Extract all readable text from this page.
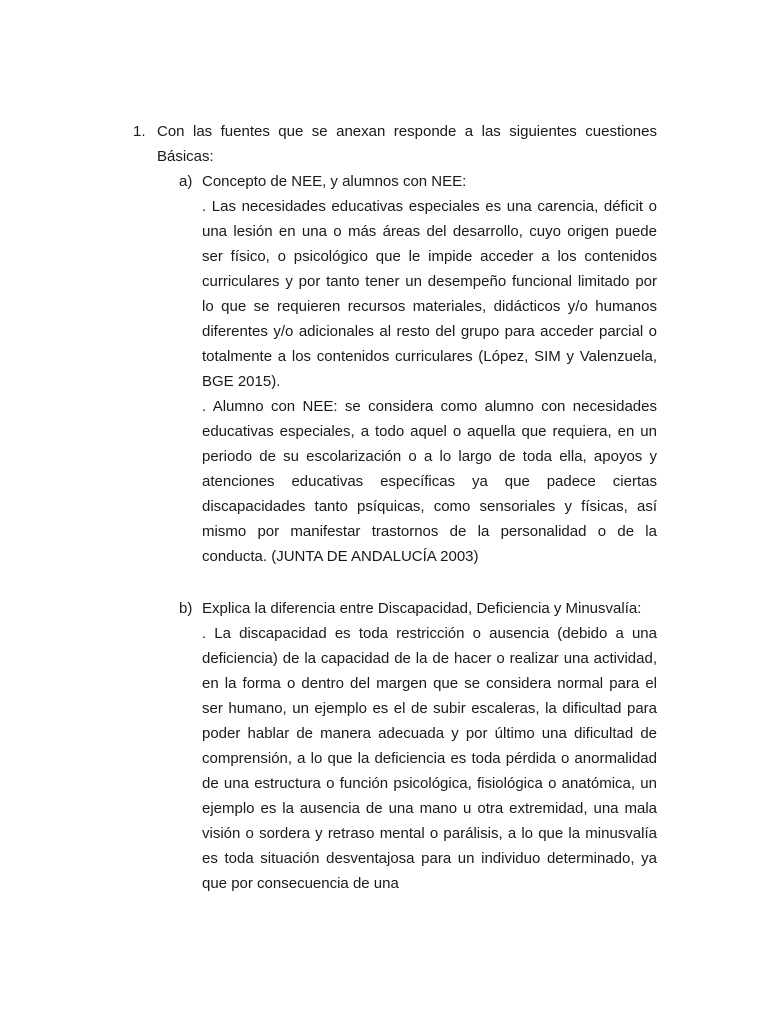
1. Con las fuentes que se anexan responde a las siguientes cuestiones Básicas:
a) Concepto de NEE, y alumnos con NEE:

. Las necesidades educativas especiales es una carencia, déficit o una lesión en una o más áreas del desarrollo, cuyo origen puede ser físico, o psicológico que le impide acceder a los contenidos curriculares y por tanto tener un desempeño funcional limitado por lo que se requieren recursos materiales, didácticos y/o humanos diferentes y/o adicionales al resto del grupo para acceder parcial o totalmente a los contenidos curriculares (López, SIM y Valenzuela, BGE 2015).

. Alumno con NEE: se considera como alumno con necesidades educativas especiales, a todo aquel o aquella que requiera, en un periodo de su escolarización o a lo largo de toda ella, apoyos y atenciones educativas específicas ya que padece ciertas discapacidades tanto psíquicas, como sensoriales y físicas, así mismo por manifestar trastornos de la personalidad o de la conducta. (JUNTA DE ANDALUCÍA 2003)

b) Explica la diferencia entre Discapacidad, Deficiencia y Minusvalía:

. La discapacidad es toda restricción o ausencia (debido a una deficiencia) de la capacidad de la de hacer o realizar una actividad, en la forma o dentro del margen que se considera normal para el ser humano, un ejemplo es el de subir escaleras, la dificultad para poder hablar de manera adecuada y por último una dificultad de comprensión, a lo que la deficiencia es toda pérdida o anormalidad de una estructura o función psicológica, fisiológica o anatómica, un ejemplo es la ausencia de una mano u otra extremidad, una mala visión o sordera y retraso mental o parálisis, a lo que la minusvalía es toda situación desventajosa para un individuo determinado, ya que por consecuencia de una
